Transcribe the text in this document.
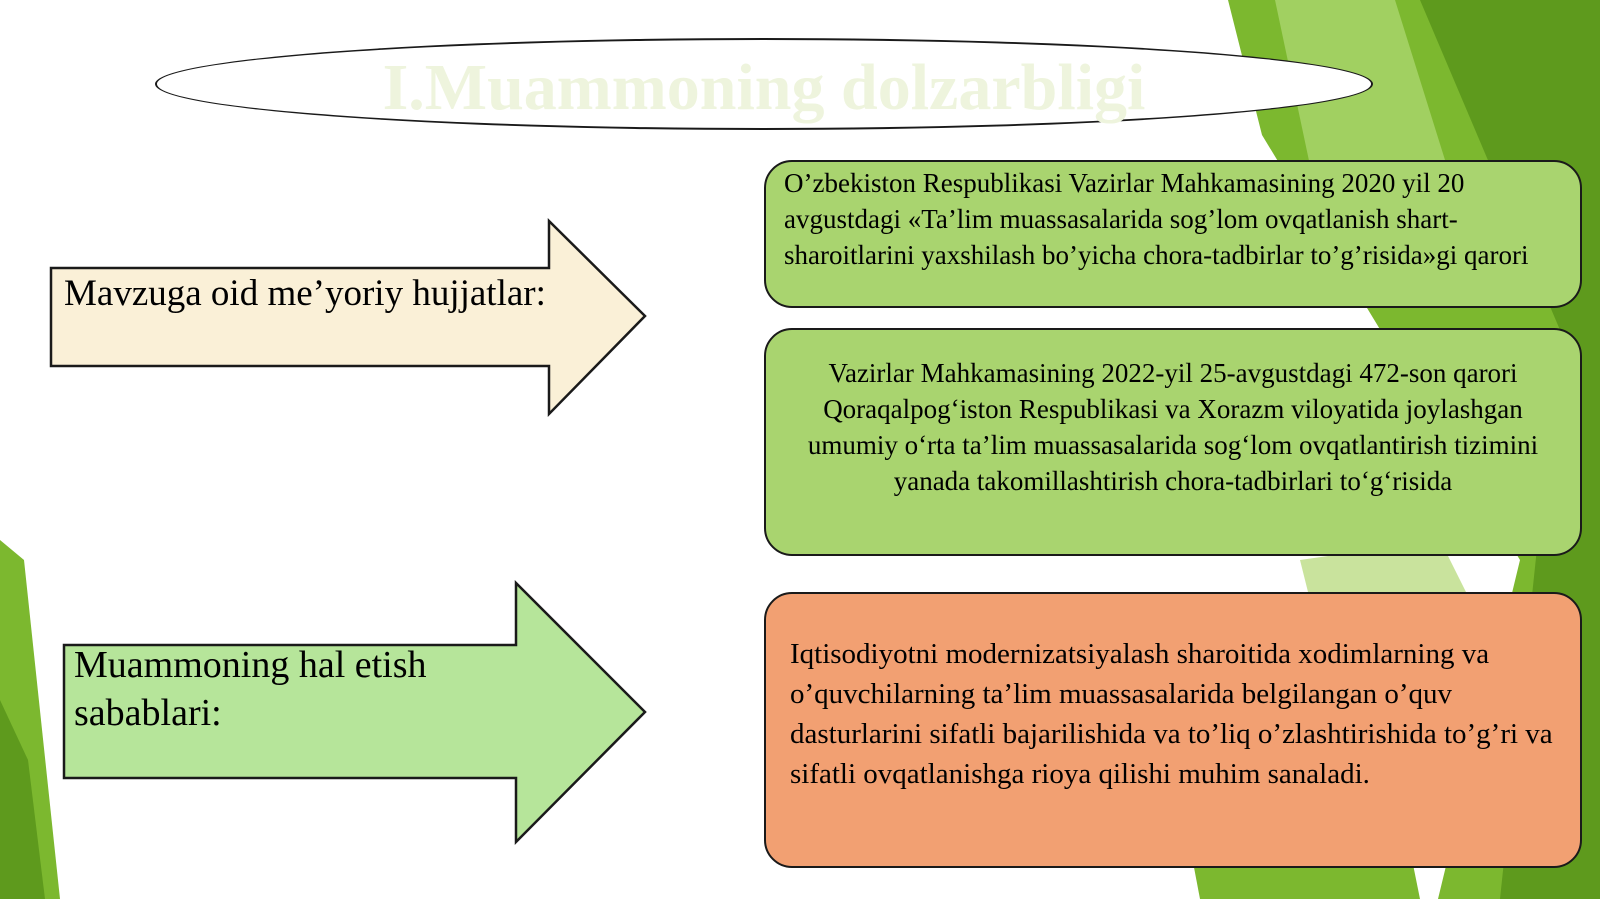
I.Muammoning dolzarbligi
Mavzuga oid me’yoriy hujjatlar:
Muammoning hal etish sabablari:
O’zbekiston Respublikasi Vazirlar Mahkamasining 2020 yil 20 avgustdagi «Ta’lim muassasalarida sog’lom ovqatlanish shart-sharoitlarini yaxshilash bo’yicha chora-tadbirlar to’g’risida»gi qarori
Vazirlar Mahkamasining 2022-yil 25-avgustdagi 472-son qarori Qoraqalpog‘iston Respublikasi va Xorazm viloyatida joylashgan umumiy o‘rta ta’lim muassasalarida sog‘lom ovqatlantirish tizimini yanada takomillashtirish chora-tadbirlari to‘g‘risida
Iqtisodiyotni modernizatsiyalash sharoitida xodimlarning va o’quvchilarning ta’lim muassasalarida belgilangan o’quv dasturlarini sifatli bajarilishida va to’liq o’zlashtirishida to’g’ri va sifatli ovqatlanishga rioya qilishi muhim sanaladi.
